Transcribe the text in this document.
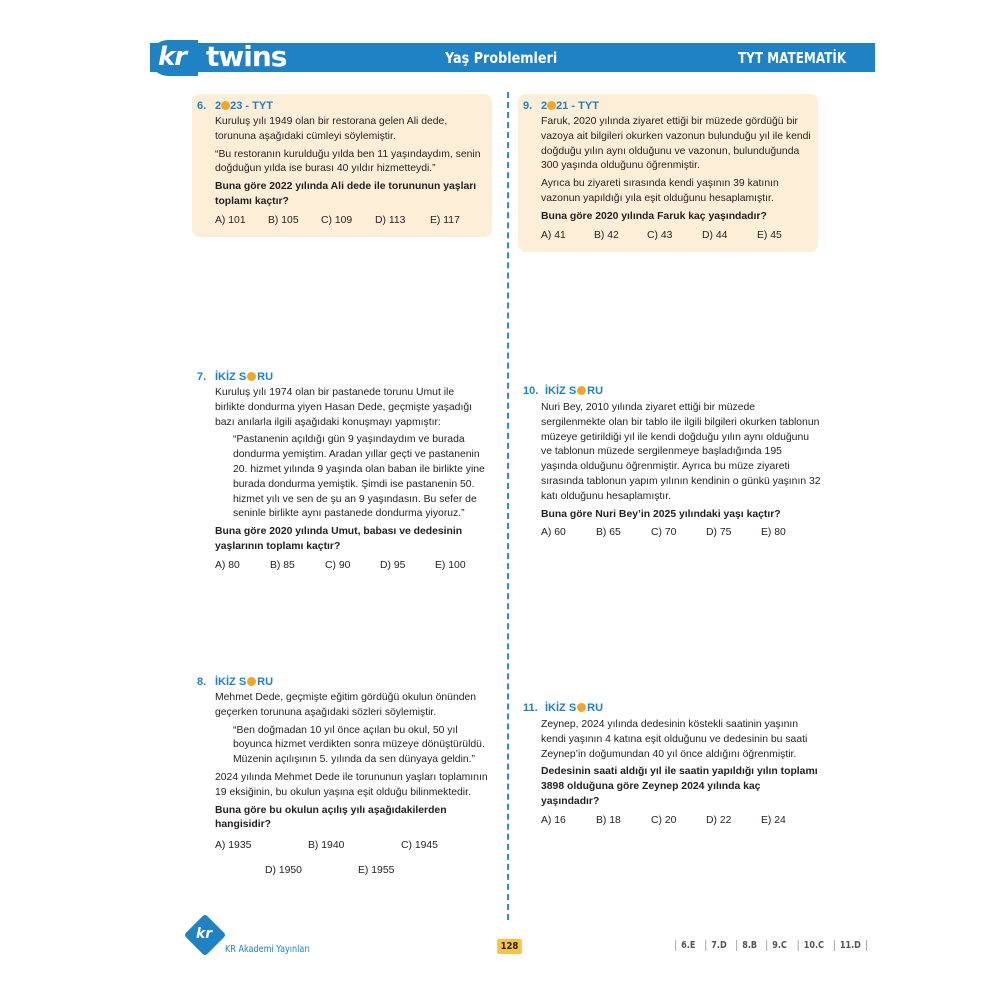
kr twins	Yaş Problemleri	TYT MATEMATİK
6. 2 23 - TYT

Kuruluş yılı 1949 olan bir restorana gelen Ali dede, torununa aşağıdaki cümleyi söylemiştir.

“Bu restoranın kurulduğu yılda ben 11 yaşındaydım, senin doğduğun yılda ise burası 40 yıldır hizmetteydi.”

Buna göre 2022 yılında Ali dede ile torununun yaşları toplamı kaçtır?

A) 101	B) 105	C) 109	D) 113	E) 117
9. 2 21 - TYT

Faruk, 2020 yılında ziyaret ettiği bir müzede gördüğü bir vazoya ait bilgileri okurken vazonun bulunduğu yıl ile kendi doğduğu yılın aynı olduğunu ve vazonun, bulunduğunda 300 yaşında olduğunu öğrenmiştir.

Ayrıca bu ziyareti sırasında kendi yaşının 39 katının vazonun yapıldığı yıla eşit olduğunu hesaplamıştır.

Buna göre 2020 yılında Faruk kaç yaşındadır?

A) 41	B) 42	C) 43	D) 44	E) 45
7. İKİZ S RU

Kuruluş yılı 1974 olan bir pastanede torunu Umut ile birlikte dondurma yiyen Hasan Dede, geçmişte yaşadığı bazı anılarla ilgili aşağıdaki konuşmayı yapmıştır:

“Pastanenin açıldığı gün 9 yaşındaydım ve burada dondurma yemiştim. Aradan yıllar geçti ve pastanenin 20. hizmet yılında 9 yaşında olan baban ile birlikte yine burada dondurma yemiştik. Şimdi ise pastanenin 50. hizmet yılı ve sen de şu an 9 yaşındasın. Bu sefer de seninle birlikte aynı pastanede dondurma yiyoruz.”

Buna göre 2020 yılında Umut, babası ve dedesinin yaşlarının toplamı kaçtır?

A) 80	B) 85	C) 90	D) 95	E) 100
10. İKİZ S RU

Nuri Bey, 2010 yılında ziyaret ettiği bir müzede sergilenmekte olan bir tablo ile ilgili bilgileri okurken tablonun müzeye getirildiği yıl ile kendi doğduğu yılın aynı olduğunu ve tablonun müzede sergilenmeye başladığında 195 yaşında olduğunu öğrenmiştir. Ayrıca bu müze ziyareti sırasında tablonun yapım yılının kendinin o günkü yaşının 32 katı olduğunu hesaplamıştır.

Buna göre Nuri Bey’in 2025 yılındaki yaşı kaçtır?

A) 60	B) 65	C) 70	D) 75	E) 80
8. İKİZ S RU

Mehmet Dede, geçmişte eğitim gördüğü okulun önünden geçerken torununa aşağıdaki sözleri söylemiştir.

“Ben doğmadan 10 yıl önce açılan bu okul, 50 yıl boyunca hizmet verdikten sonra müzeye dönüştürüldü. Müzenin açılışının 5. yılında da sen dünyaya geldin.”

2024 yılında Mehmet Dede ile torununun yaşları toplamının 19 eksiğinin, bu okulun yaşına eşit olduğu bilinmektedir.

Buna göre bu okulun açılış yılı aşağıdakilerden hangisidir?

A) 1935	B) 1940	C) 1945
D) 1950	E) 1955
11. İKİZ S RU

Zeynep, 2024 yılında dedesinin köstekli saatinin yaşının kendi yaşının 4 katına eşit olduğunu ve dedesinin bu saati Zeynep’in doğumundan 40 yıl önce aldığını öğrenmiştir.

Dedesinin saati aldığı yıl ile saatin yapıldığı yılın toplamı 3898 olduğuna göre Zeynep 2024 yılında kaç yaşındadır?

A) 16	B) 18	C) 20	D) 22	E) 24
kr
KR Akademi Yayınları	128	6.E	7.D	8.B	9.C	10.C	11.D
